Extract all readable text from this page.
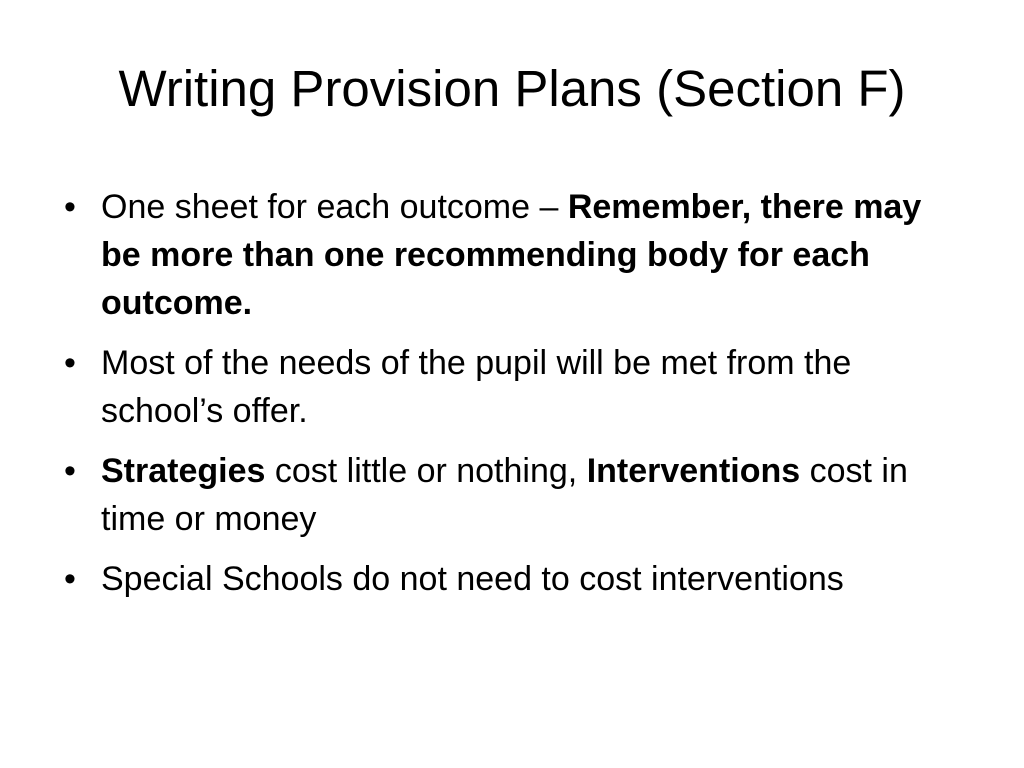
Writing Provision Plans (Section F)
• One sheet for each outcome – Remember, there may be more than one recommending body for each outcome.
• Most of the needs of the pupil will be met from the school’s offer.
• Strategies cost little or nothing, Interventions cost in time or money
• Special Schools do not need to cost interventions
